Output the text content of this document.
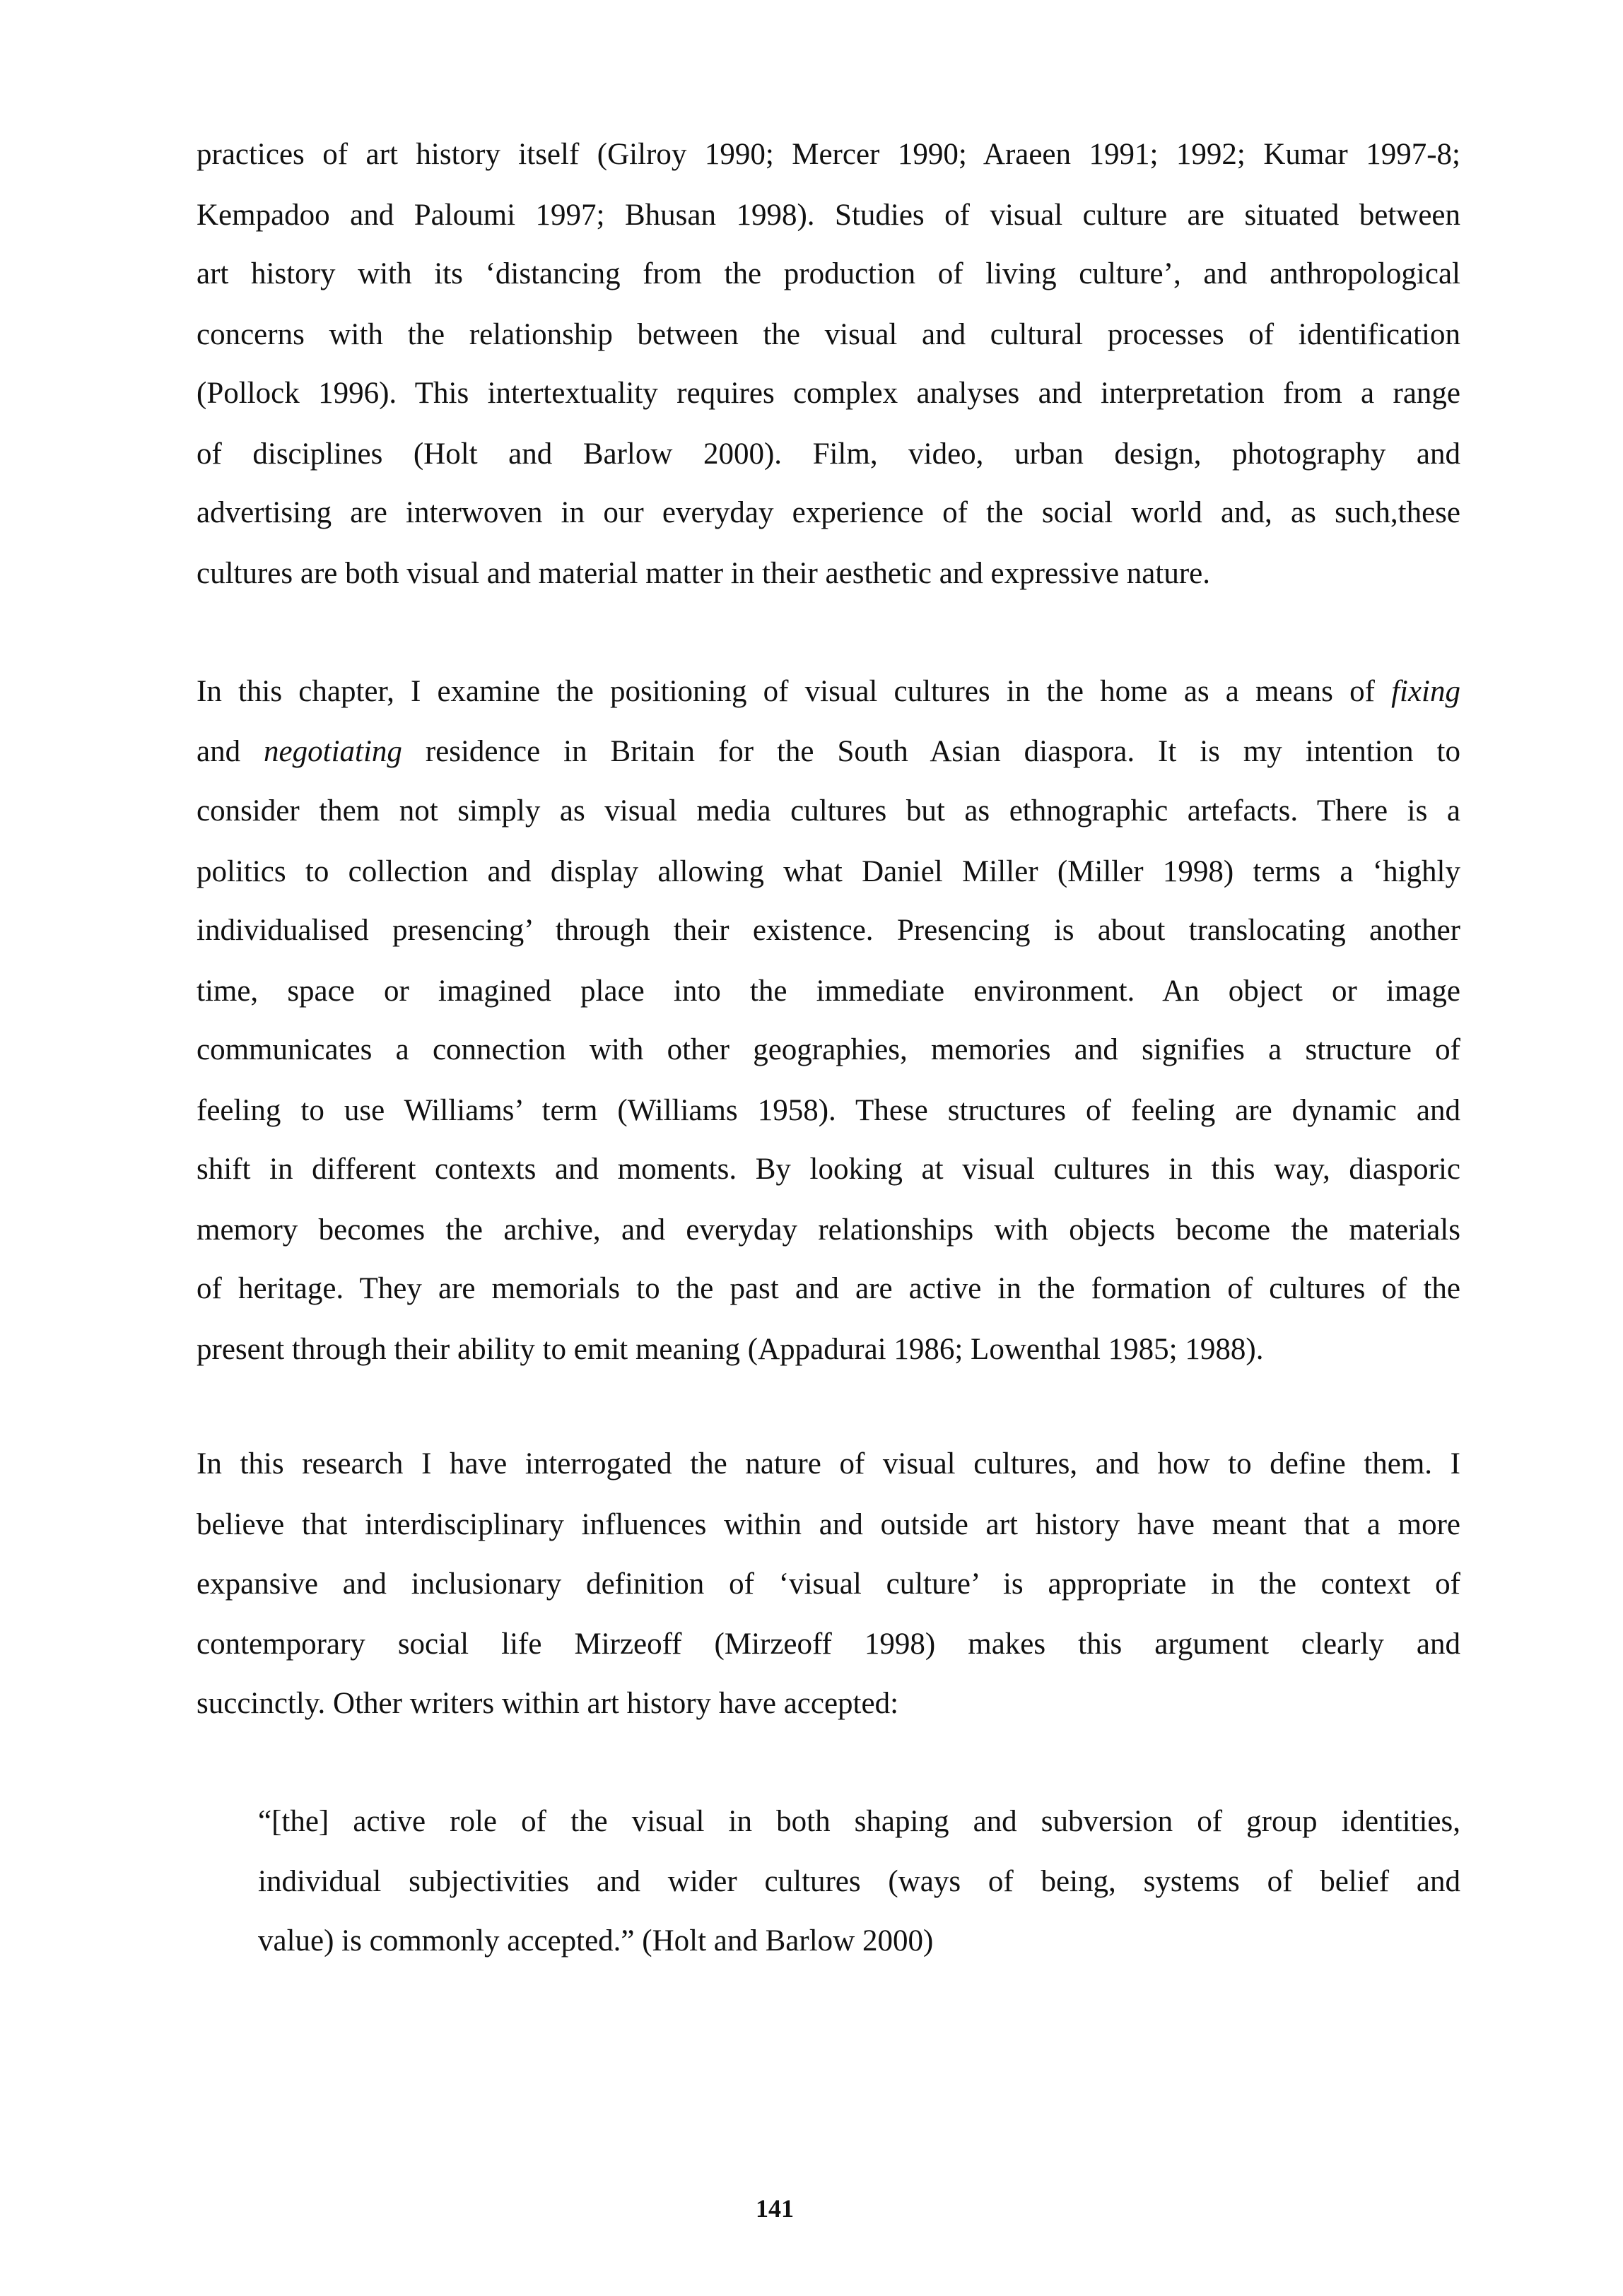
141
practices of art history itself (Gilroy 1990; Mercer 1990; Araeen 1991; 1992; Kumar 1997-8;
Kempadoo and Paloumi 1997; Bhusan 1998). Studies of visual culture are situated between
art history with its ‘distancing from the production of living culture’, and anthropological
concerns with the relationship between the visual and cultural processes of identification
(Pollock 1996). This intertextuality requires complex analyses and interpretation from a range
of disciplines (Holt and Barlow 2000). Film, video, urban design, photography and
advertising are interwoven in our everyday experience of the social world and, as such,these
cultures are both visual and material matter in their aesthetic and expressive nature.
In this chapter, I examine the positioning of visual cultures in the home as a means of fixing
and negotiating residence in Britain for the South Asian diaspora. It is my intention to
consider them not simply as visual media cultures but as ethnographic artefacts. There is a
politics to collection and display allowing what Daniel Miller (Miller 1998) terms a ‘highly
individualised presencing’ through their existence. Presencing is about translocating another
time, space or imagined place into the immediate environment. An object or image
communicates a connection with other geographies, memories and signifies a structure of
feeling to use Williams’ term (Williams 1958). These structures of feeling are dynamic and
shift in different contexts and moments. By looking at visual cultures in this way, diasporic
memory becomes the archive, and everyday relationships with objects become the materials
of heritage. They are memorials to the past and are active in the formation of cultures of the
present through their ability to emit meaning (Appadurai 1986; Lowenthal 1985; 1988).
In this research I have interrogated the nature of visual cultures, and how to define them. I
believe that interdisciplinary influences within and outside art history have meant that a more
expansive and inclusionary definition of ‘visual culture’ is appropriate in the context of
contemporary social life Mirzeoff (Mirzeoff 1998) makes this argument clearly and
succinctly. Other writers within art history have accepted:
“[the] active role of the visual in both shaping and subversion of group identities,
individual subjectivities and wider cultures (ways of being, systems of belief and
value) is commonly accepted.” (Holt and Barlow 2000)
